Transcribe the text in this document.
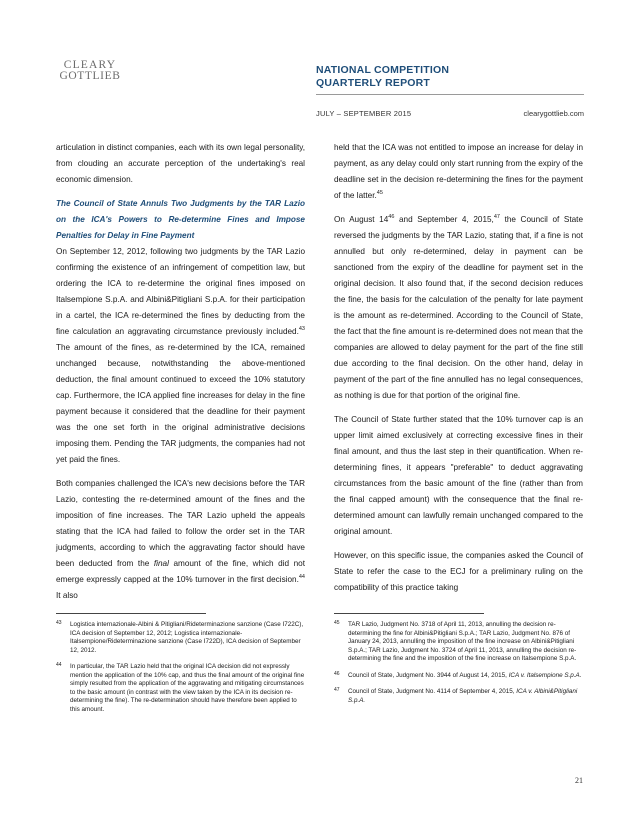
CLEARY
GOTTLIEB	NATIONAL COMPETITION
QUARTERLY REPORT
JULY – SEPTEMBER 2015	clearygottlieb.com

articulation in distinct companies, each with its own legal personality, from clouding an accurate perception of the undertaking's real economic dimension.

The Council of State Annuls Two Judgments by the TAR Lazio on the ICA's Powers to Re-determine Fines and Impose Penalties for Delay in Fine Payment

On September 12, 2012, following two judgments by the TAR Lazio confirming the existence of an infringement of competition law, but ordering the ICA to re-determine the original fines imposed on Italsempione S.p.A. and Albini&Pitigliani S.p.A. for their participation in a cartel, the ICA re-determined the fines by deducting from the fine calculation an aggravating circumstance previously included.$^{43}$ The amount of the fines, as re-determined by the ICA, remained unchanged because, notwithstanding the above-mentioned deduction, the final amount continued to exceed the 10% statutory cap. Furthermore, the ICA applied fine increases for delay in the fine payment because it considered that the deadline for their payment was the one set forth in the original administrative decisions imposing them. Pending the TAR judgments, the companies had not yet paid the fines.

Both companies challenged the ICA's new decisions before the TAR Lazio, contesting the re-determined amount of the fines and the imposition of fine increases. The TAR Lazio upheld the appeals stating that the ICA had failed to follow the order set in the TAR judgments, according to which the aggravating factor should have been deducted from the final amount of the fine, which did not emerge expressly capped at the 10% turnover in the first decision.$^{44}$ It also

held that the ICA was not entitled to impose an increase for delay in payment, as any delay could only start running from the expiry of the deadline set in the decision re-determining the fines for the payment of the latter.$^{45}$

On August $14^{46}$ and September 4, 2015,47 the Council of State reversed the judgments by the TAR Lazio, stating that, if a fine is not annulled but only re-determined, delay in payment can be sanctioned from the expiry of the deadline for payment set in the original decision. It also found that, if the second decision reduces the fine, the basis for the calculation of the penalty for late payment is the amount as re-determined. According to the Council of State, the fact that the fine amount is re-determined does not mean that the companies are allowed to delay payment for the part of the fine still due according to the final decision. On the other hand, delay in payment of the part of the fine annulled has no legal consequences, as nothing is due for that portion of the original fine.

The Council of State further stated that the 10% turnover cap is an upper limit aimed exclusively at correcting excessive fines in their final amount, and thus the last step in their quantification. When re-determining fines, it appears "preferable" to deduct aggravating circumstances from the basic amount of the fine (rather than from the final capped amount) with the consequence that the final re-determined amount can lawfully remain unchanged compared to the original amount.

However, on this specific issue, the companies asked the Council of State to refer the case to the ECJ for a preliminary ruling on the compatibility of this practice taking

43 Logistica internazionale-Albini & Pitigliani/Rideterminazione sanzione (Case I722C), ICA decision of September 12, 2012; Logistica internazionale-Italsempione/Rideterminazione sanzione (Case I722D), ICA decision of September 12, 2012.
44 In particular, the TAR Lazio held that the original ICA decision did not expressly mention the application of the 10% cap, and thus the final amount of the original fine simply resulted from the application of the aggravating and mitigating circumstances to the basic amount (in contrast with the view taken by the ICA in its decision re-determining the fine). The re-determination should have therefore been applied to this amount.
45 TAR Lazio, Judgment No. 3718 of April 11, 2013, annulling the decision re-determining the fine for Albini&Pitigliani S.p.A.; TAR Lazio, Judgment No. 876 of January 24, 2013, annulling the imposition of the fine increase on Albini&Pitigliani S.p.A.; TAR Lazio, Judgment No. 3724 of April 11, 2013, annulling the decision re-determining the fine and the imposition of the fine increase on Italsempione S.p.A.
46 Council of State, Judgment No. 3944 of August 14, 2015, ICA v. Italsempione S.p.A.
47 Council of State, Judgment No. 4114 of September 4, 2015, ICA v. Albini&Pitigliani S.p.A.
21
